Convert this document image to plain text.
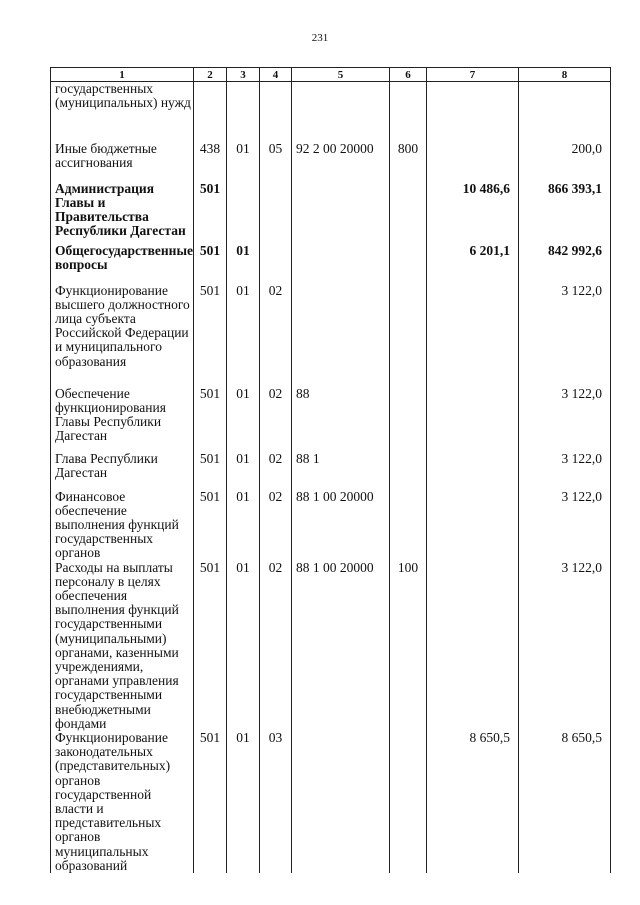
231
1	2	3	4	5	6	7	8
государственных (муниципальных) нужд							
Иные бюджетные ассигнования	438	01	05	92 2 00 20000	800		200,0
Администрация Главы и Правительства Республики Дагестан	501					10 486,6	866 393,1
Общегосударственные вопросы	501	01				6 201,1	842 992,6
Функционирование высшего должностного лица субъекта Российской Федерации и муниципального образования	501	01	02				3 122,0
Обеспечение функционирования Главы Республики Дагестан	501	01	02	88			3 122,0
Глава Республики Дагестан	501	01	02	88 1			3 122,0
Финансовое обеспечение выполнения функций государственных органов	501	01	02	88 1 00 20000			3 122,0
Расходы на выплаты персоналу в целях обеспечения выполнения функций государственными (муниципальными) органами, казенными учреждениями, органами управления государственными внебюджетными фондами	501	01	02	88 1 00 20000	100		3 122,0
Функционирование законодательных (представительных) органов государственной власти и представительных органов муниципальных образований	501	01	03			8 650,5	8 650,5
